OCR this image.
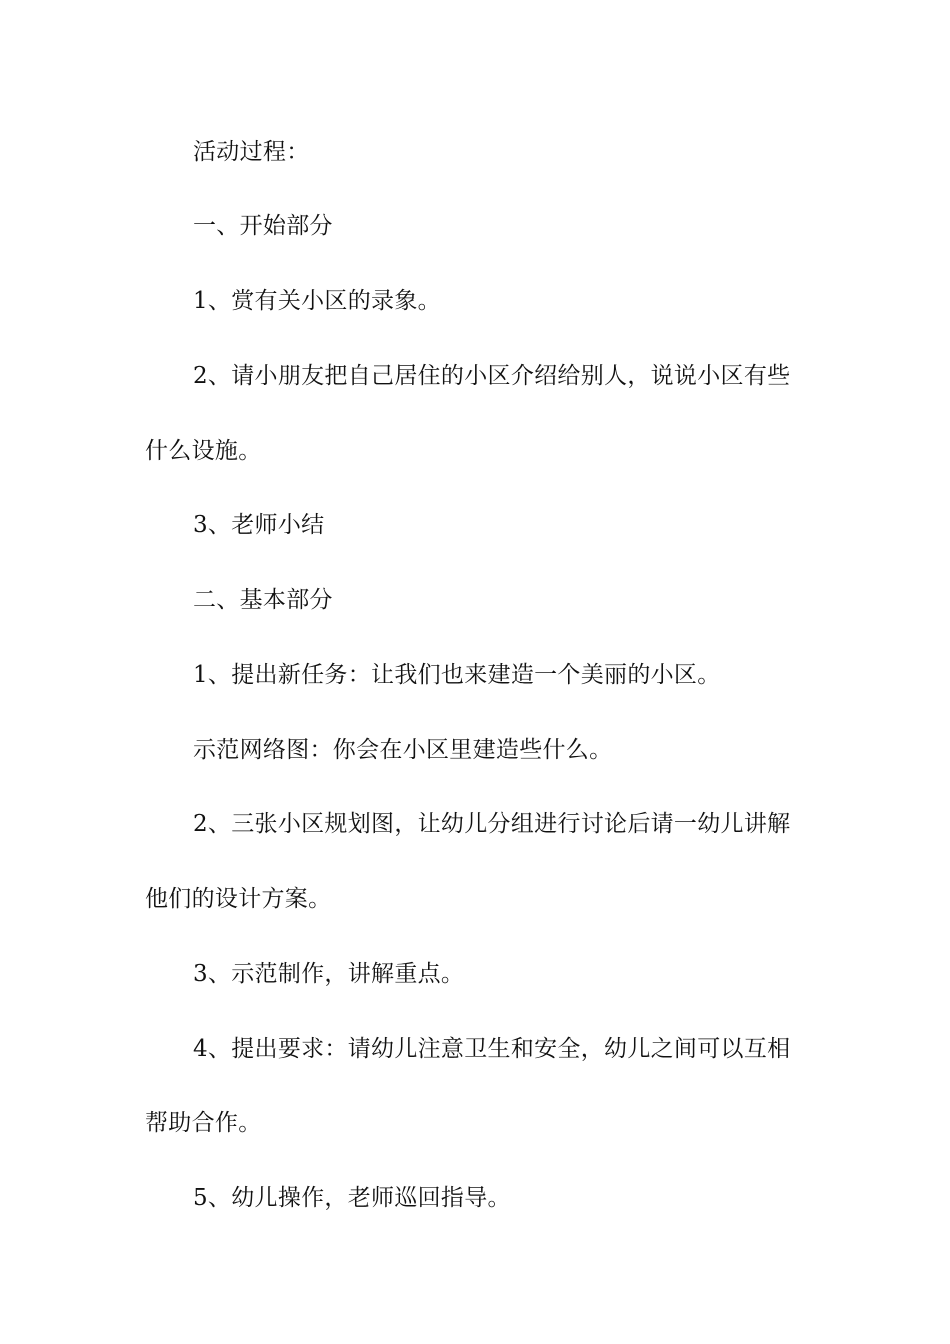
活动过程：
一、开始部分
1、赏有关小区的录象。
2、请小朋友把自己居住的小区介绍给别人，说说小区有些
什么设施。
3、老师小结
二、基本部分
1、提出新任务：让我们也来建造一个美丽的小区。
示范网络图：你会在小区里建造些什么。
2、三张小区规划图，让幼儿分组进行讨论后请一幼儿讲解
他们的设计方案。
3、示范制作，讲解重点。
4、提出要求：请幼儿注意卫生和安全，幼儿之间可以互相
帮助合作。
5、幼儿操作，老师巡回指导。
